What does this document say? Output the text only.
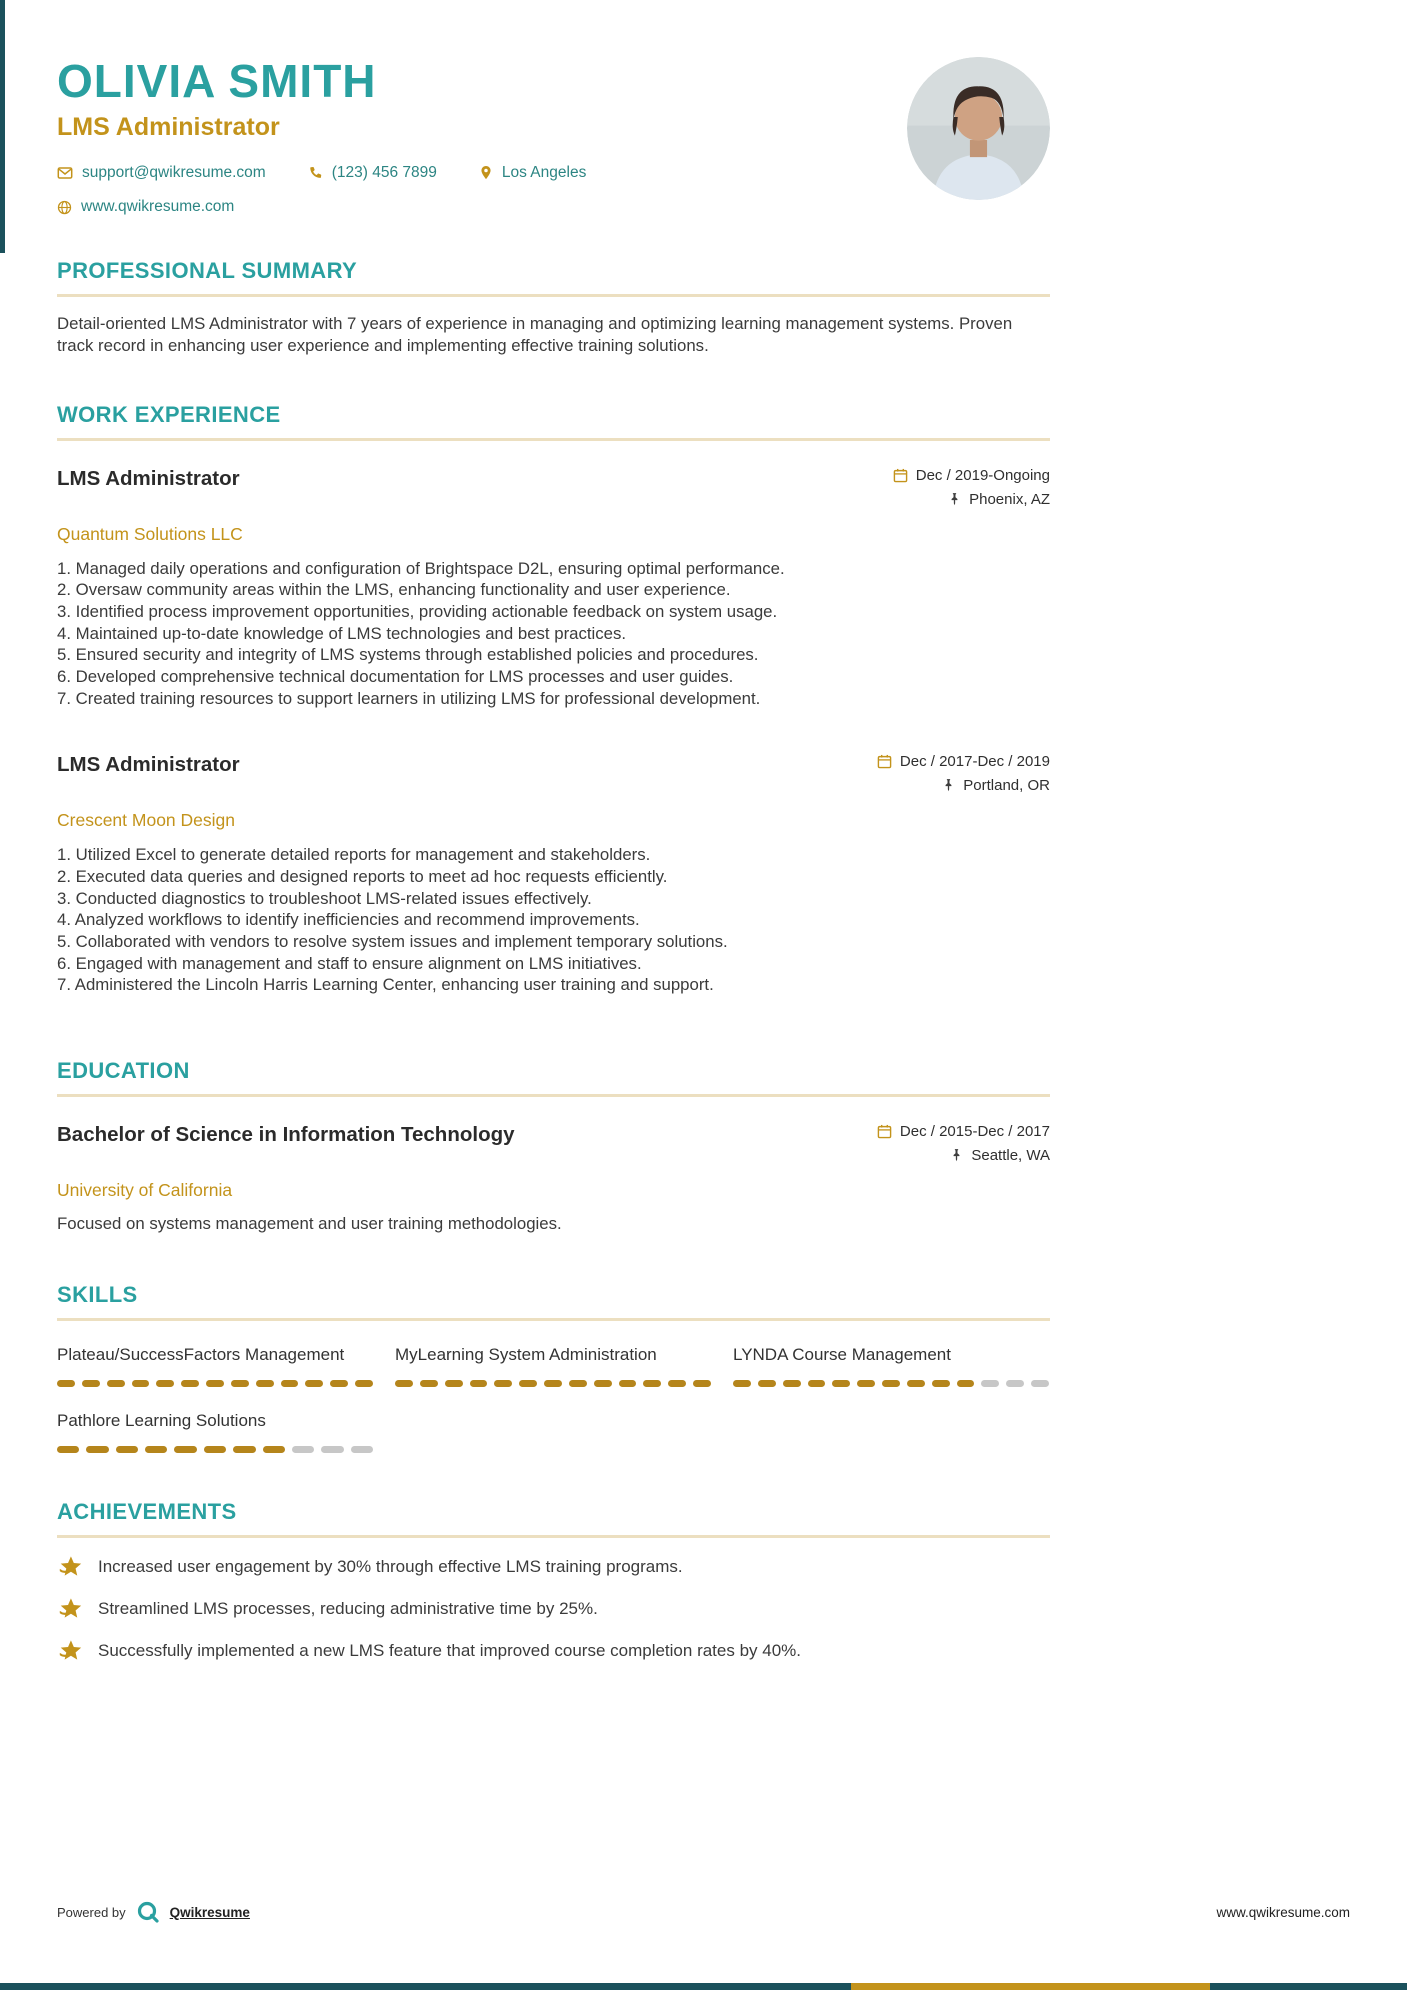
OLIVIA SMITH
LMS Administrator
support@qwikresume.com	(123) 456 7899	Los Angeles
www.qwikresume.com
PROFESSIONAL SUMMARY

Detail-oriented LMS Administrator with 7 years of experience in managing and optimizing learning management systems. Proven track record in enhancing user experience and implementing effective training solutions.

WORK EXPERIENCE
LMS Administrator	Dec / 2019-Ongoing
Phoenix, AZ
Quantum Solutions LLC
Managed daily operations and configuration of Brightspace D2L, ensuring optimal performance.
Oversaw community areas within the LMS, enhancing functionality and user experience.
Identified process improvement opportunities, providing actionable feedback on system usage.
Maintained up-to-date knowledge of LMS technologies and best practices.
Ensured security and integrity of LMS systems through established policies and procedures.
Developed comprehensive technical documentation for LMS processes and user guides.
Created training resources to support learners in utilizing LMS for professional development.
LMS Administrator	Dec / 2017-Dec / 2019
Portland, OR
Crescent Moon Design
Utilized Excel to generate detailed reports for management and stakeholders.
Executed data queries and designed reports to meet ad hoc requests efficiently.
Conducted diagnostics to troubleshoot LMS-related issues effectively.
Analyzed workflows to identify inefficiencies and recommend improvements.
Collaborated with vendors to resolve system issues and implement temporary solutions.
Engaged with management and staff to ensure alignment on LMS initiatives.
Administered the Lincoln Harris Learning Center, enhancing user training and support.
EDUCATION
Bachelor of Science in Information Technology	Dec / 2015-Dec / 2017
Seattle, WA
University of California

Focused on systems management and user training methodologies.

SKILLS
Plateau/SuccessFactors Management	MyLearning System Administration	LYNDA Course Management
Pathlore Learning Solutions
ACHIEVEMENTS
Increased user engagement by 30% through effective LMS training programs.
Streamlined LMS processes, reducing administrative time by 25%.
Successfully implemented a new LMS feature that improved course completion rates by 40%.
Powered by	Qwikresume	www.qwikresume.com
